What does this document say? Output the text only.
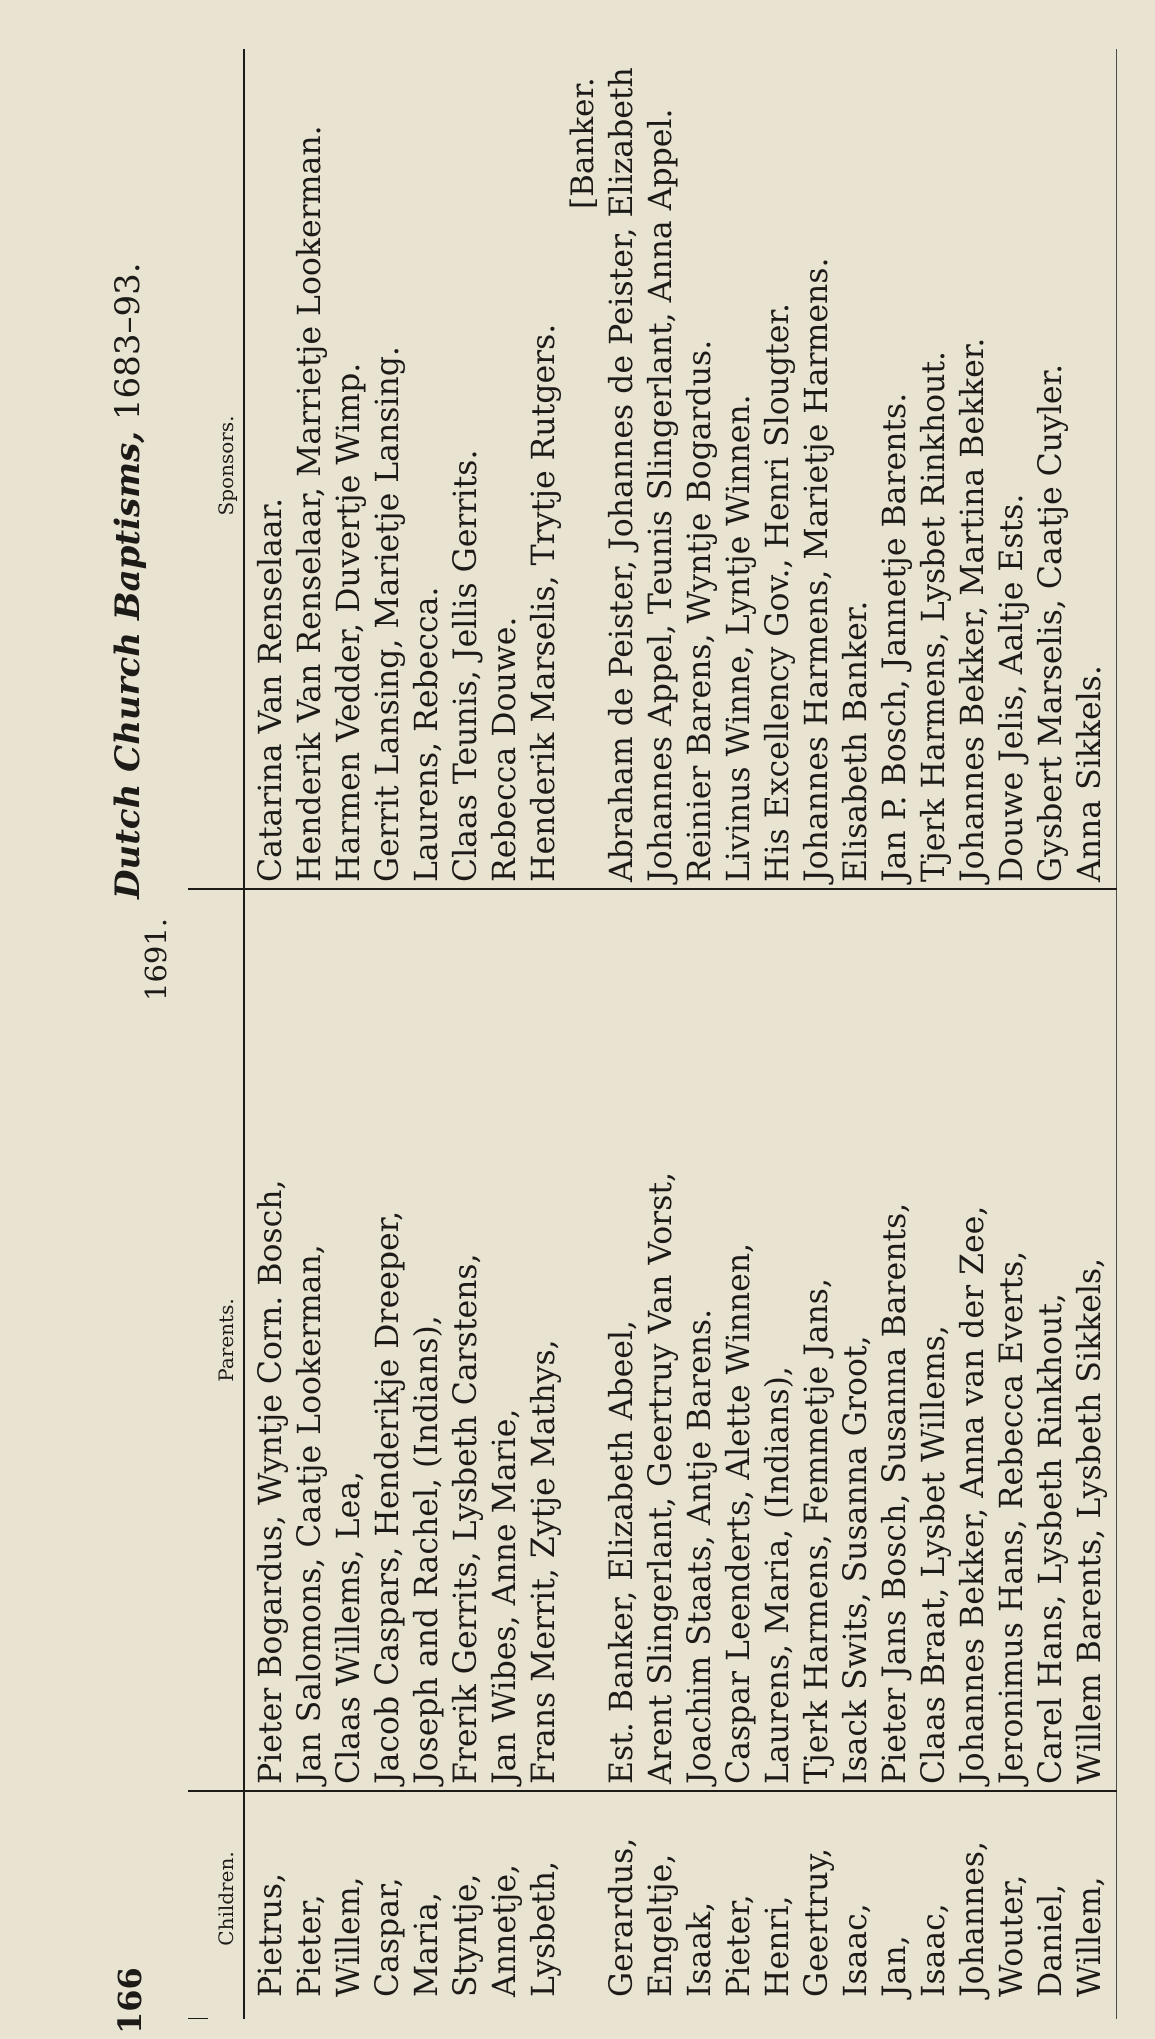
166
Dutch Church Baptisms, 1683–93.
1691.
Children.
Parents.
Sponsors.
Pietrus,
Pieter Bogardus, Wyntje Corn. Bosch,
Catarina Van Renselaar.
Pieter,
Jan Salomons, Caatje Lookerman,
Henderik Van Renselaar, Marrietje Lookerman.
Willem,
Claas Willems, Lea,
Harmen Vedder, Duvertje Wimp.
Caspar,
Jacob Caspars, Henderikje Dreeper,
Gerrit Lansing, Marietje Lansing.
Maria,
Joseph and Rachel, (Indians),
Laurens, Rebecca.
Styntje,
Frerik Gerrits, Lysbeth Carstens,
Claas Teunis, Jellis Gerrits.
Annetje,
Jan Wibes, Anne Marie,
Rebecca Douwe.
Lysbeth,
Frans Merrit, Zytje Mathys,
Henderik Marselis, Trytje Rutgers.
[Banker.
Gerardus,
Est. Banker, Elizabeth Abeel,
Abraham de Peister, Johannes de Peister, Elizabeth
Engeltje,
Arent Slingerlant, Geertruy Van Vorst,
Johannes Appel, Teunis Slingerlant, Anna Appel.
Isaak,
Joachim Staats, Antje Barens.
Reinier Barens, Wyntje Bogardus.
Pieter,
Caspar Leenderts, Alette Winnen,
Livinus Winne, Lyntje Winnen.
Henri,
Laurens, Maria, (Indians),
His Excellency Gov., Henri Slougter.
Geertruy,
Tjerk Harmens, Femmetje Jans,
Johannes Harmens, Marietje Harmens.
Isaac,
Isack Swits, Susanna Groot,
Elisabeth Banker.
Jan,
Pieter Jans Bosch, Susanna Barents,
Jan P. Bosch, Jannetje Barents.
Isaac,
Claas Braat, Lysbet Willems,
Tjerk Harmens, Lysbet Rinkhout.
Johannes,
Johannes Bekker, Anna van der Zee,
Johannes Bekker, Martina Bekker.
Wouter,
Jeronimus Hans, Rebecca Everts,
Douwe Jelis, Aaltje Ests.
Daniel,
Carel Hans, Lysbeth Rinkhout,
Gysbert Marselis, Caatje Cuyler.
Willem,
Willem Barents, Lysbeth Sikkels,
Anna Sikkels.
